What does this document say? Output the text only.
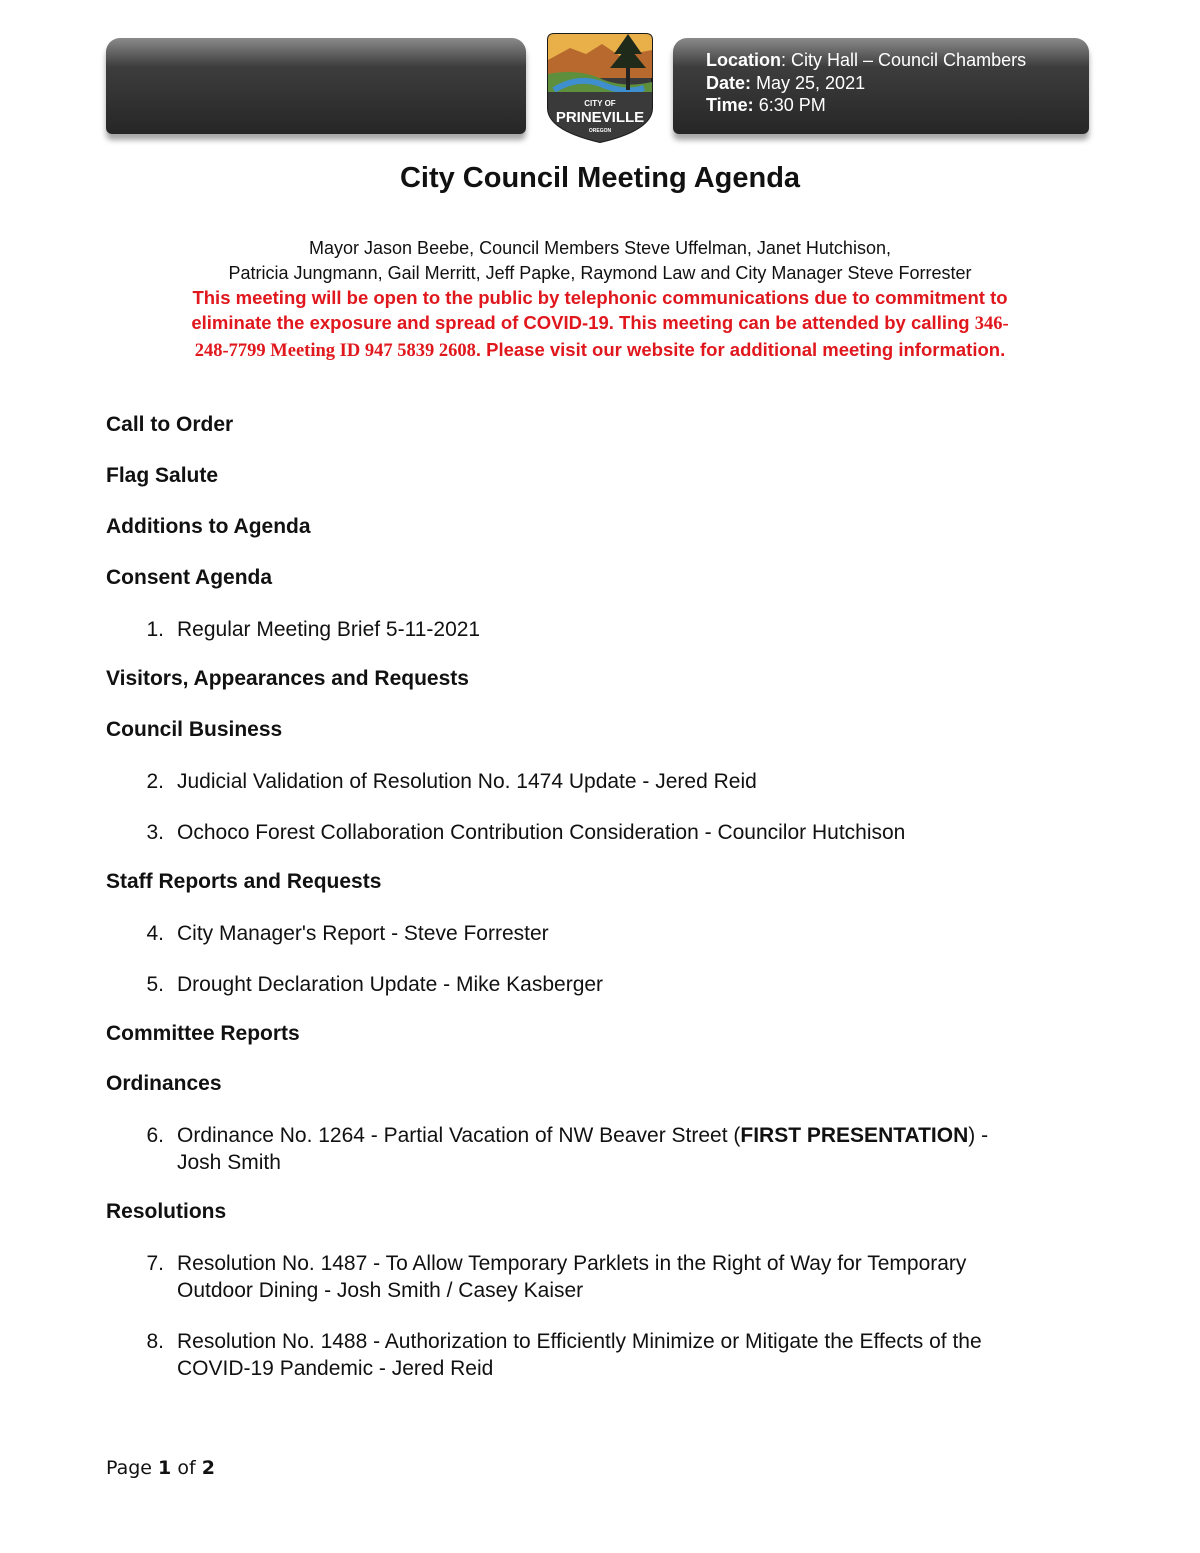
Location: City Hall – Council Chambers
Date: May 25, 2021
Time: 6:30 PM
CITY OF
PRINEVILLE
OREGON
City Council Meeting Agenda
Mayor Jason Beebe, Council Members Steve Uffelman, Janet Hutchison,
Patricia Jungmann, Gail Merritt, Jeff Papke, Raymond Law and City Manager Steve Forrester
This meeting will be open to the public by telephonic communications due to commitment to
eliminate the exposure and spread of COVID-19. This meeting can be attended by calling 346-
248-7799 Meeting ID 947 5839 2608. Please visit our website for additional meeting information.
Call to Order
Flag Salute
Additions to Agenda
Consent Agenda
1. Regular Meeting Brief 5-11-2021
Visitors, Appearances and Requests
Council Business
2. Judicial Validation of Resolution No. 1474 Update - Jered Reid
3. Ochoco Forest Collaboration Contribution Consideration - Councilor Hutchison
Staff Reports and Requests
4. City Manager's Report - Steve Forrester
5. Drought Declaration Update - Mike Kasberger
Committee Reports
Ordinances
6. Ordinance No. 1264 - Partial Vacation of NW Beaver Street (FIRST PRESENTATION) -
Josh Smith
Resolutions
7. Resolution No. 1487 - To Allow Temporary Parklets in the Right of Way for Temporary
Outdoor Dining - Josh Smith / Casey Kaiser
8. Resolution No. 1488 - Authorization to Efficiently Minimize or Mitigate the Effects of the
COVID-19 Pandemic - Jered Reid
Page 1 of 2
